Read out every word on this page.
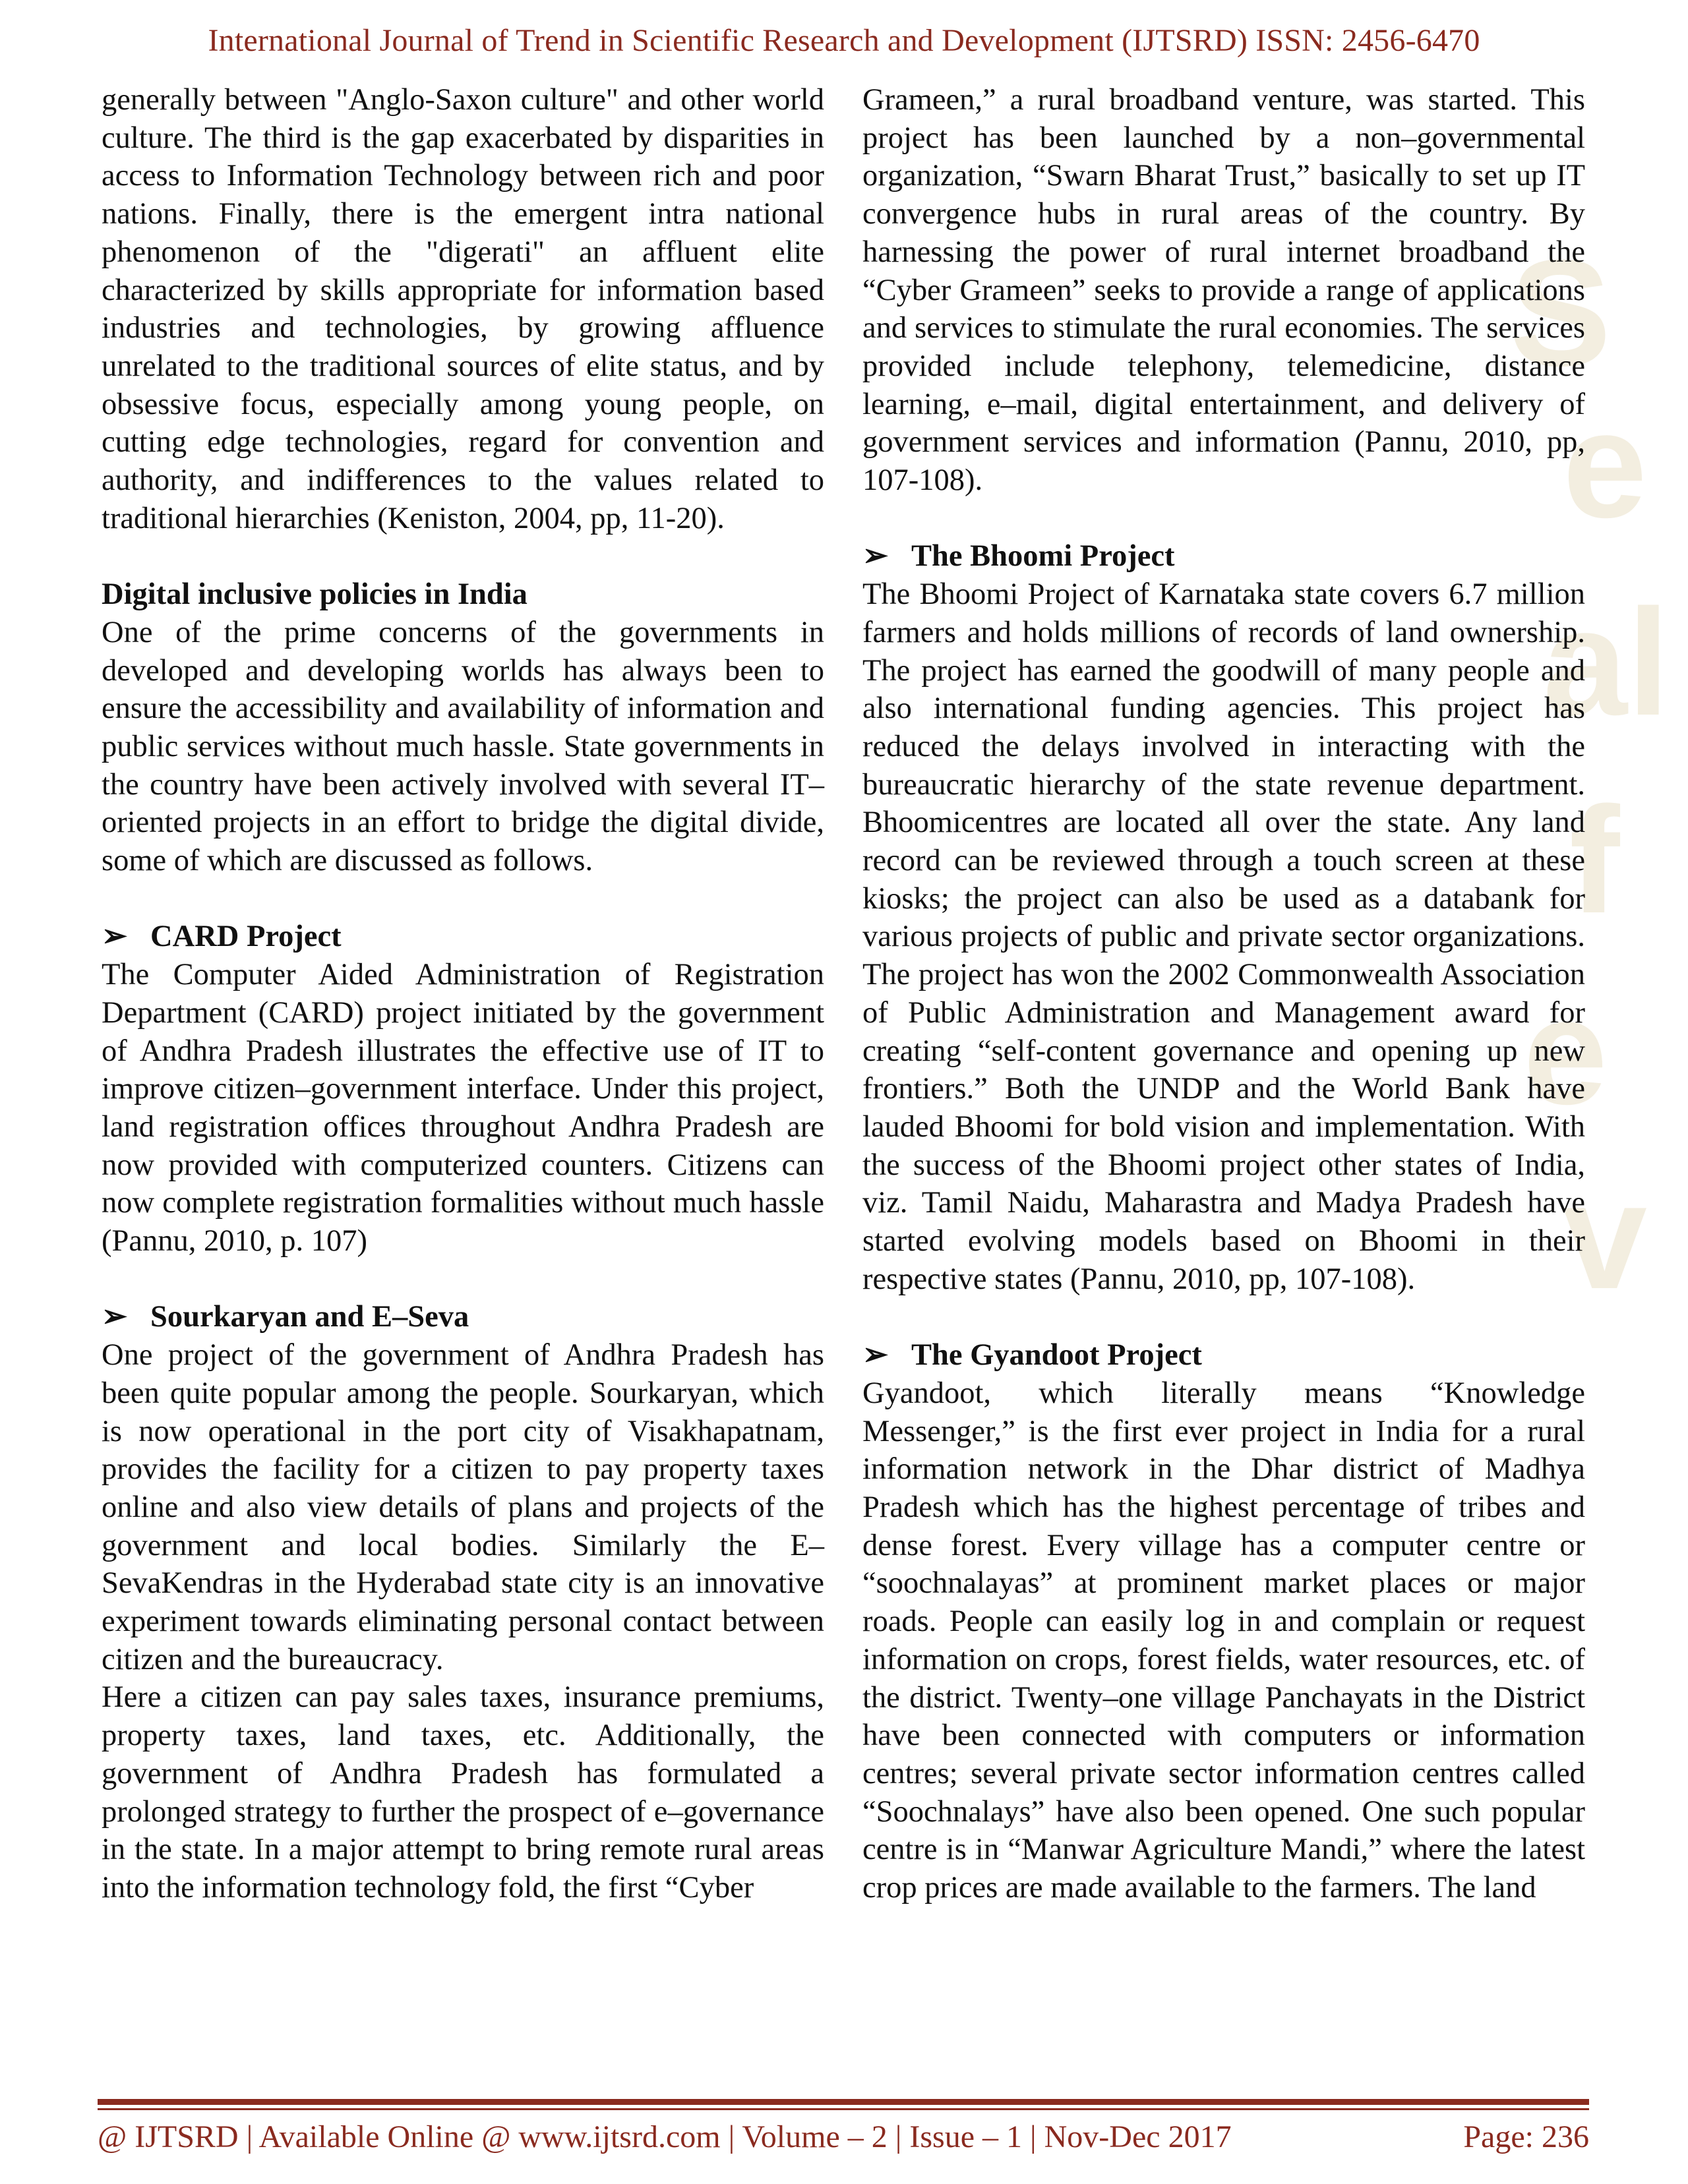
S
e
al
f
e
v
International Journal of Trend in Scientific Research and Development (IJTSRD) ISSN: 2456-6470

generally between "Anglo-Saxon culture" and other world culture. The third is the gap exacerbated by disparities in access to Information Technology between rich and poor nations. Finally, there is the emergent intra national phenomenon of the "digerati" an affluent elite characterized by skills appropriate for information based industries and technologies, by growing affluence unrelated to the traditional sources of elite status, and by obsessive focus, especially among young people, on cutting edge technologies, regard for convention and authority, and indifferences to the values related to traditional hierarchies (Keniston, 2004, pp, 11-20).

Digital inclusive policies in India

One of the prime concerns of the governments in developed and developing worlds has always been to ensure the accessibility and availability of information and public services without much hassle. State governments in the country have been actively involved with several IT–oriented projects in an effort to bridge the digital divide, some of which are discussed as follows.

➢ CARD Project

The Computer Aided Administration of Registration Department (CARD) project initiated by the government of Andhra Pradesh illustrates the effective use of IT to improve citizen–government interface. Under this project, land registration offices throughout Andhra Pradesh are now provided with computerized counters. Citizens can now complete registration formalities without much hassle (Pannu, 2010, p. 107)

➢ Sourkaryan and E–Seva

One project of the government of Andhra Pradesh has been quite popular among the people. Sourkaryan, which is now operational in the port city of Visakhapatnam, provides the facility for a citizen to pay property taxes online and also view details of plans and projects of the government and local bodies. Similarly the E–SevaKendras in the Hyderabad state city is an innovative experiment towards eliminating personal contact between citizen and the bureaucracy.

Here a citizen can pay sales taxes, insurance premiums, property taxes, land taxes, etc. Additionally, the government of Andhra Pradesh has formulated a prolonged strategy to further the prospect of e–governance in the state. In a major attempt to bring remote rural areas into the information technology fold, the first “Cyber

Grameen,” a rural broadband venture, was started. This project has been launched by a non–governmental organization, “Swarn Bharat Trust,” basically to set up IT convergence hubs in rural areas of the country. By harnessing the power of rural internet broadband the “Cyber Grameen” seeks to provide a range of applications and services to stimulate the rural economies. The services provided include telephony, telemedicine, distance learning, e–mail, digital entertainment, and delivery of government services and information (Pannu, 2010, pp, 107-108).

➢ The Bhoomi Project

The Bhoomi Project of Karnataka state covers 6.7 million farmers and holds millions of records of land ownership. The project has earned the goodwill of many people and also international funding agencies. This project has reduced the delays involved in interacting with the bureaucratic hierarchy of the state revenue department. Bhoomicentres are located all over the state. Any land record can be reviewed through a touch screen at these kiosks; the project can also be used as a databank for various projects of public and private sector organizations. The project has won the 2002 Commonwealth Association of Public Administration and Management award for creating “self-content governance and opening up new frontiers.” Both the UNDP and the World Bank have lauded Bhoomi for bold vision and implementation. With the success of the Bhoomi project other states of India, viz. Tamil Naidu, Maharastra and Madya Pradesh have started evolving models based on Bhoomi in their respective states (Pannu, 2010, pp, 107-108).

➢ The Gyandoot Project

Gyandoot, which literally means “Knowledge Messenger,” is the first ever project in India for a rural information network in the Dhar district of Madhya Pradesh which has the highest percentage of tribes and dense forest. Every village has a computer centre or “soochnalayas” at prominent market places or major roads. People can easily log in and complain or request information on crops, forest fields, water resources, etc. of the district. Twenty–one village Panchayats in the District have been connected with computers or information centres; several private sector information centres called “Soochnalays” have also been opened. One such popular centre is in “Manwar Agriculture Mandi,” where the latest crop prices are made available to the farmers. The land

@ IJTSRD | Available Online @ www.ijtsrd.com | Volume – 2 | Issue – 1 | Nov-Dec 2017	Page: 236
